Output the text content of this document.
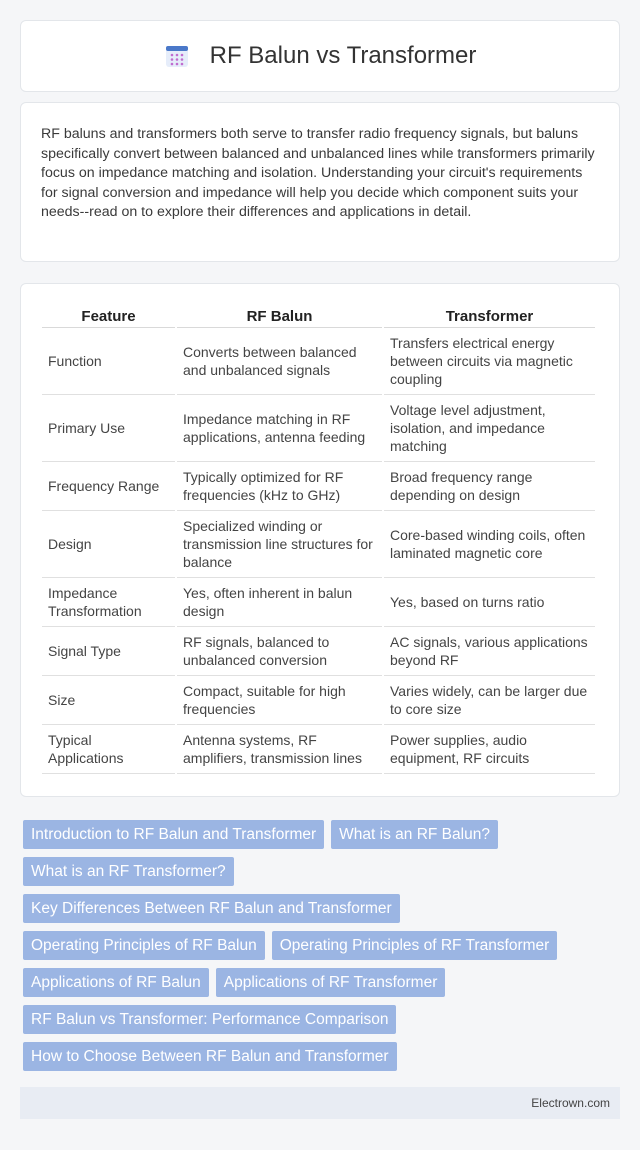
RF Balun vs Transformer
RF baluns and transformers both serve to transfer radio frequency signals, but baluns specifically convert between balanced and unbalanced lines while transformers primarily focus on impedance matching and isolation. Understanding your circuit's requirements for signal conversion and impedance will help you decide which component suits your needs--read on to explore their differences and applications in detail.
Feature	RF Balun	Transformer
Function	Converts between balanced and unbalanced signals	Transfers electrical energy between circuits via magnetic coupling
Primary Use	Impedance matching in RF applications, antenna feeding	Voltage level adjustment, isolation, and impedance matching
Frequency Range	Typically optimized for RF frequencies (kHz to GHz)	Broad frequency range depending on design
Design	Specialized winding or transmission line structures for balance	Core-based winding coils, often laminated magnetic core
Impedance Transformation	Yes, often inherent in balun design	Yes, based on turns ratio
Signal Type	RF signals, balanced to unbalanced conversion	AC signals, various applications beyond RF
Size	Compact, suitable for high frequencies	Varies widely, can be larger due to core size
Typical Applications	Antenna systems, RF amplifiers, transmission lines	Power supplies, audio equipment, RF circuits
Introduction to RF Balun and Transformer What is an RF Balun?
What is an RF Transformer?
Key Differences Between RF Balun and Transformer
Operating Principles of RF Balun Operating Principles of RF Transformer
Applications of RF Balun Applications of RF Transformer
RF Balun vs Transformer: Performance Comparison
How to Choose Between RF Balun and Transformer
Electrown.com
